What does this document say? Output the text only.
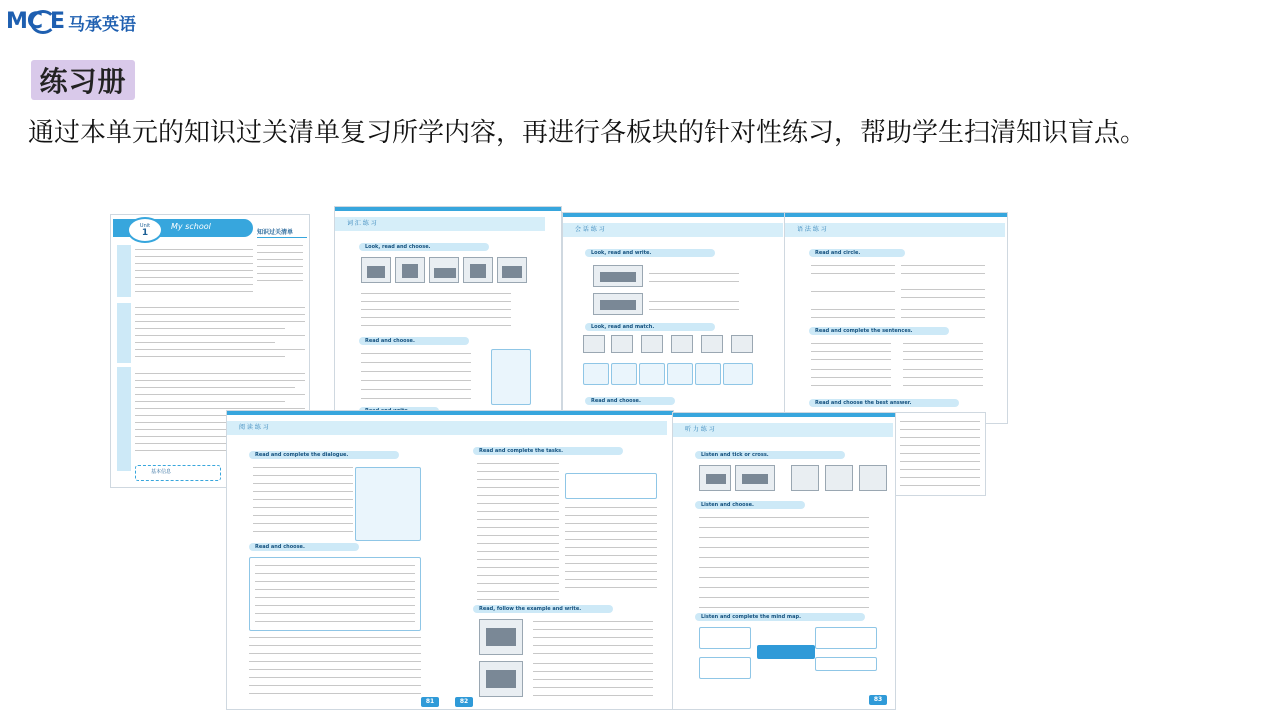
MC E 马承英语
练习册
通过本单元的知识过关清单复习所学内容，再进行各板块的针对性练习，帮助学生扫清知识盲点。
Unit
1
My school
知识过关清单
基本信息
词 汇 练 习
Look, read and choose.
Read and choose.
会 话 练 习
Look, read and write.
Look, read and match.
Read and choose.
语 法 练 习
Read and circle.
Read and complete the sentences.
Read and choose the best answer.
阅 读 练 习
Read and complete the dialogue.
Read and choose.
81	82
Read and complete the tasks.
Read, follow the example and write.
听 力 练 习
Listen and tick or cross.
Listen and choose.
Listen and complete the mind map.
83
